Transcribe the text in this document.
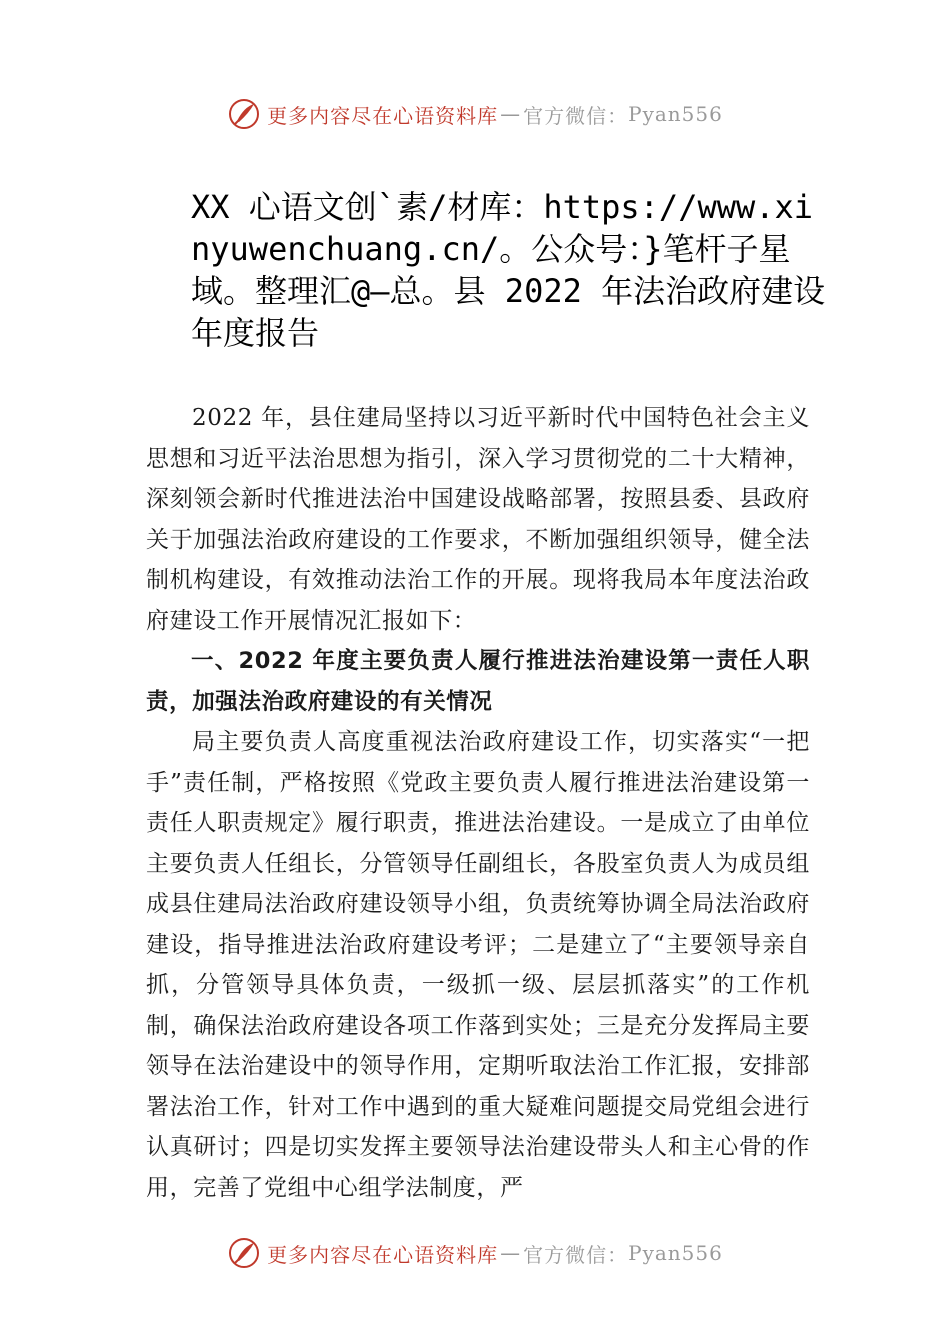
更多内容尽在心语资料库 — 官方微信： Pyan556
XX 心语文创`素/材库：https://www.xinyuwenchuang.cn/。公众号：}笔杆子星域。整理汇@—总。县 2022 年法治政府建设年度报告

2022 年，县住建局坚持以习近平新时代中国特色社会主义思想和习近平法治思想为指引，深入学习贯彻党的二十大精神，深刻领会新时代推进法治中国建设战略部署，按照县委、县政府关于加强法治政府建设的工作要求，不断加强组织领导，健全法制机构建设，有效推动法治工作的开展。现将我局本年度法治政府建设工作开展情况汇报如下：

一、2022 年度主要负责人履行推进法治建设第一责任人职责，加强法治政府建设的有关情况

局主要负责人高度重视法治政府建设工作，切实落实“一把手”责任制，严格按照《党政主要负责人履行推进法治建设第一责任人职责规定》履行职责，推进法治建设。一是成立了由单位主要负责人任组长，分管领导任副组长，各股室负责人为成员组成县住建局法治政府建设领导小组，负责统筹协调全局法治政府建设，指导推进法治政府建设考评；二是建立了“主要领导亲自抓，分管领导具体负责，一级抓一级、层层抓落实”的工作机制，确保法治政府建设各项工作落到实处；三是充分发挥局主要领导在法治建设中的领导作用，定期听取法治工作汇报，安排部署法治工作，针对工作中遇到的重大疑难问题提交局党组会进行认真研讨；四是切实发挥主要领导法治建设带头人和主心骨的作用，完善了党组中心组学法制度，严

更多内容尽在心语资料库 — 官方微信： Pyan556
